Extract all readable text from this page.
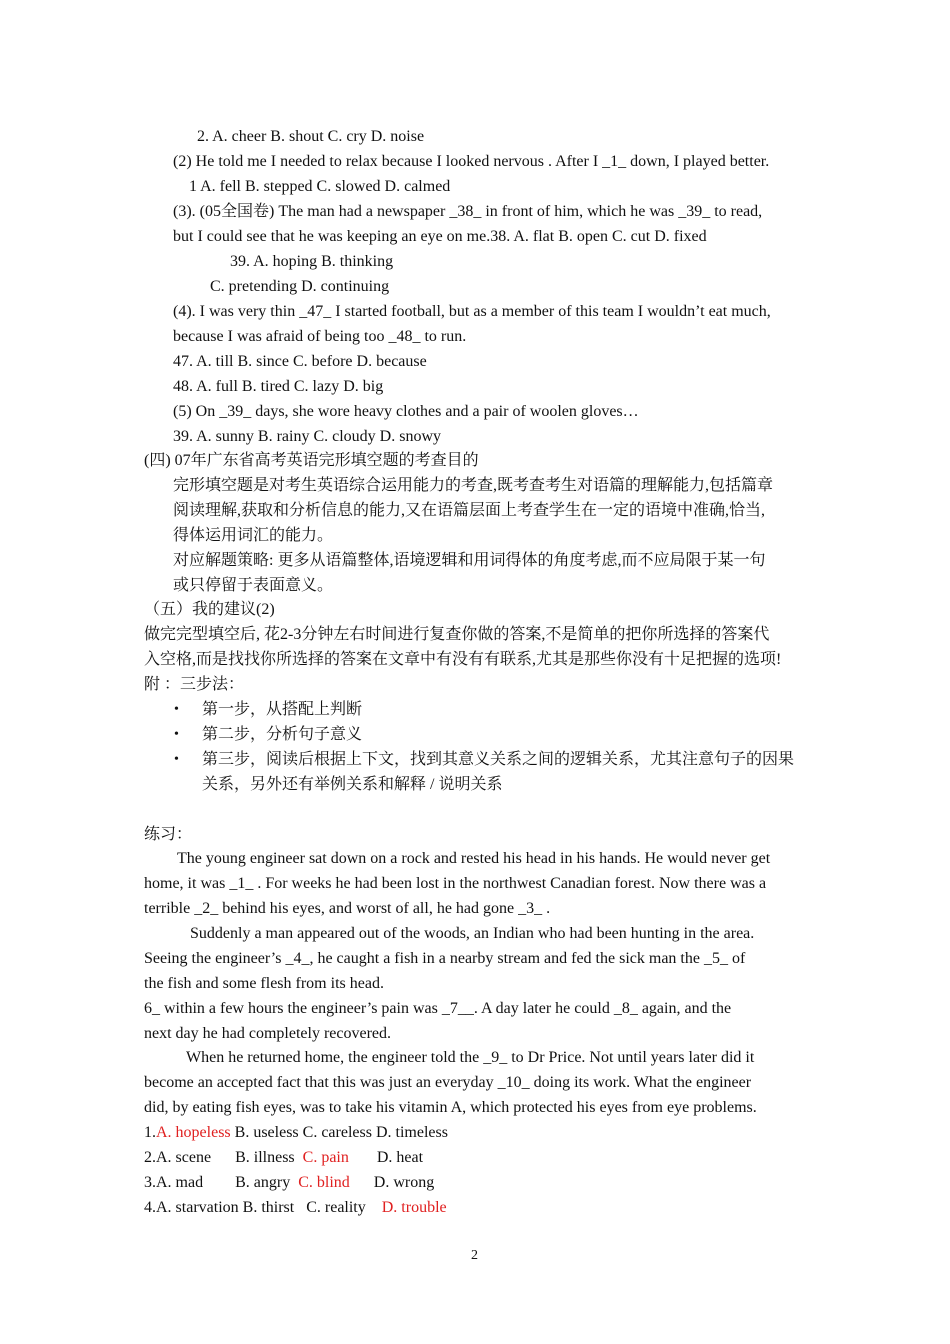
2. A. cheer B. shout C. cry D. noise
(2) He told me I needed to relax because I looked nervous . After I _1_ down, I played better.
1 A. fell B. stepped C. slowed D. calmed
(3). (05全国卷) The man had a newspaper _38_ in front of him, which he was _39_ to read,
but I could see that he was keeping an eye on me.38. A. flat B. open C. cut D. fixed
39. A. hoping B. thinking
C. pretending D. continuing
(4). I was very thin _47_ I started football, but as a member of this team I wouldn’t eat much,
because I was afraid of being too _48_ to run.
47. A. till B. since C. before D. because
48. A. full B. tired C. lazy D. big
(5) On _39_ days, she wore heavy clothes and a pair of woolen gloves…
39. A. sunny B. rainy C. cloudy D. snowy
(四) 07年广东省高考英语完形填空题的考查目的
完形填空题是对考生英语综合运用能力的考查,既考查考生对语篇的理解能力,包括篇章
阅读理解,获取和分析信息的能力,又在语篇层面上考查学生在一定的语境中准确,恰当,
得体运用词汇的能力。
对应解题策略: 更多从语篇整体,语境逻辑和用词得体的角度考虑,而不应局限于某一句
或只停留于表面意义。
（五）我的建议(2)
做完完型填空后, 花2-3分钟左右时间进行复查你做的答案,不是简单的把你所选择的答案代
入空格,而是找找你所选择的答案在文章中有没有有联系,尤其是那些你没有十足把握的选项!
附 ：三步法：
• 第一步，从搭配上判断
• 第二步，分析句子意义
• 第三步，阅读后根据上下文，找到其意义关系之间的逻辑关系，尤其注意句子的因果
关系，另外还有举例关系和解释 / 说明关系
练习：
The young engineer sat down on a rock and rested his head in his hands. He would never get
home, it was _1_ . For weeks he had been lost in the northwest Canadian forest. Now there was a
terrible _2_ behind his eyes, and worst of all, he had gone _3_ .
Suddenly a man appeared out of the woods, an Indian who had been hunting in the area.
Seeing the engineer’s _4_, he caught a fish in a nearby stream and fed the sick man the _5_ of
the fish and some flesh from its head.
6_ within a few hours the engineer’s pain was _7__. A day later he could _8_ again, and the
next day he had completely recovered.
When he returned home, the engineer told the _9_ to Dr Price. Not until years later did it
become an accepted fact that this was just an everyday _10_ doing its work. What the engineer
did, by eating fish eyes, was to take his vitamin A, which protected his eyes from eye problems.
1.A. hopeless B. useless C. careless D. timeless
2.A. scene      B. illness  C. pain       D. heat
3.A. mad        B. angry  C. blind      D. wrong
4.A. starvation B. thirst   C. reality    D. trouble
2
